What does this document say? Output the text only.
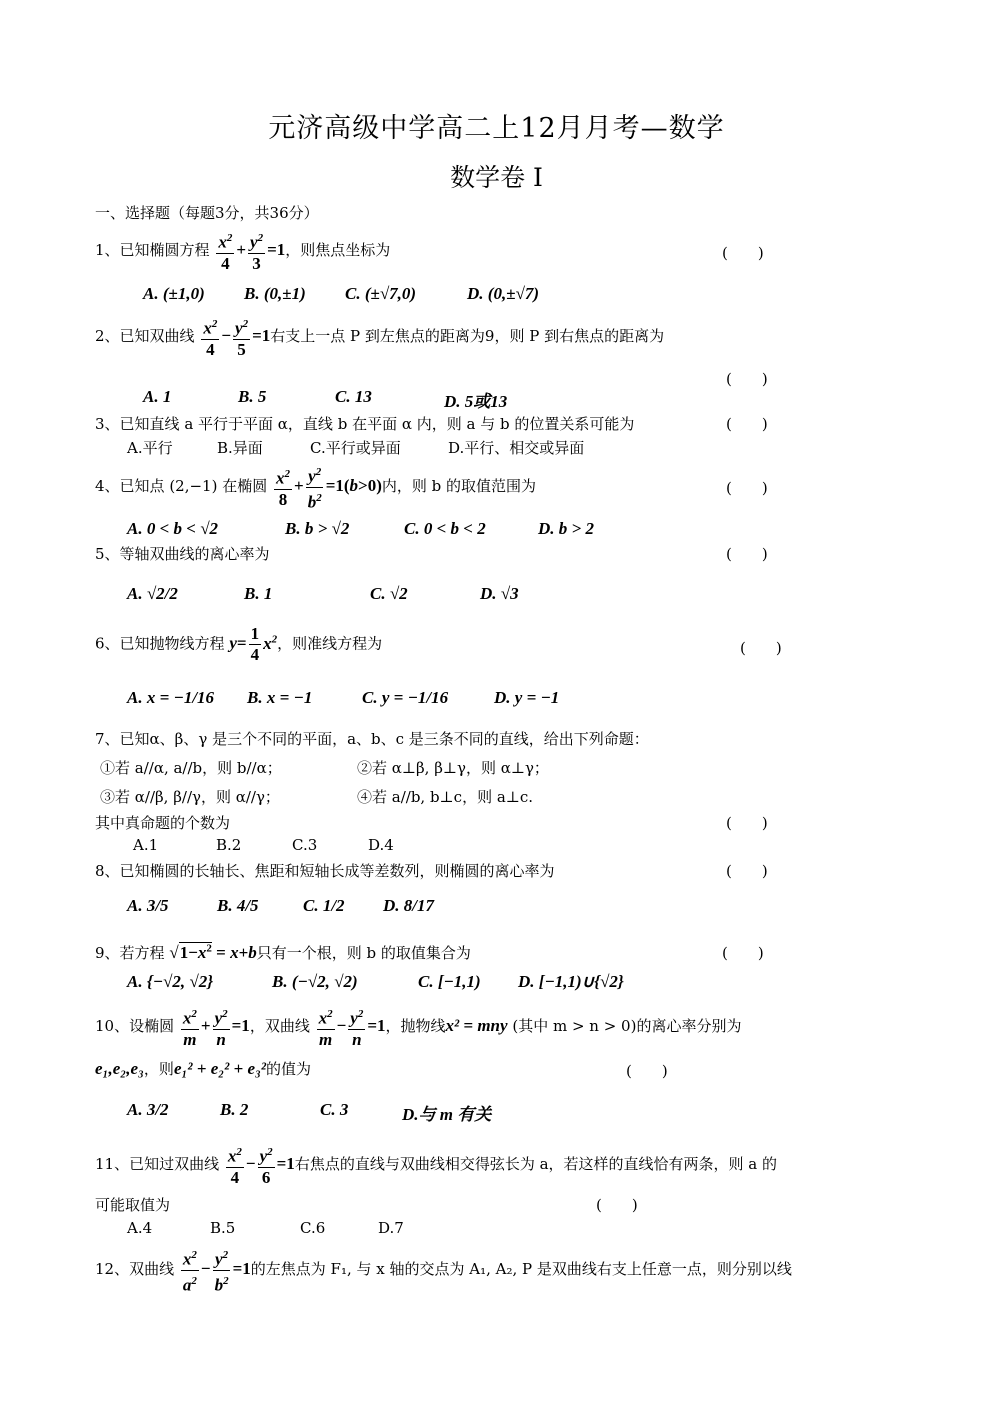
元济高级中学高二上12月月考—数学
数学卷 I
一、选择题（每题3分，共36分）
1、已知椭圆方程 $\frac{x^2}{4} + \frac{y^2}{3} =1$，则焦点坐标为	(　　)
A. (±1,0) B. (0,±1) C. (±√7,0)	D. (0,±√7)
2、已知双曲线 $\frac{x^2}{4} - \frac{y^2}{5} =1$右支上一点 P 到左焦点的距离为9，则 P 到右焦点的距离为
(　　)
A. 1	B. 5	C. 13	D. 5或13
3、已知直线 a 平行于平面 α，直线 b 在平面 α 内，则 a 与 b 的位置关系可能为	(　　)
A.平行	B.异面	C.平行或异面	D.平行、相交或异面
4、已知点 (2,−1) 在椭圆 $\frac{x^2}{8} + \frac{y^2}{b^2} =1(b>0)$内，则 b 的取值范围为	(　　)
A. 0 < b < √2	B. b > √2	C. 0 < b < 2	D. b > 2
5、等轴双曲线的离心率为	(　　)
A. √2/2	B. 1	C. √2	D. √3
6、已知抛物线方程 $y= \frac{1}{4} x^2$，则准线方程为	(　　)
A. x = −1/16 B. x = −1	C. y = −1/16	D. y = −1
7、已知α、β、γ 是三个不同的平面，a、b、c 是三条不同的直线，给出下列命题：
①若 a//α, a//b，则 b//α；	②若 α⊥β, β⊥γ，则 α⊥γ；
③若 α//β, β//γ，则 α//γ；	④若 a//b, b⊥c，则 a⊥c.
其中真命题的个数为	(　　)
A.1	B.2	C.3	D.4
8、已知椭圆的长轴长、焦距和短轴长成等差数列，则椭圆的离心率为	(　　)
A. 3/5	B. 4/5	C. 1/2 D. 8/17
9、若方程 $√1-x^2 = x+b$只有一个根，则 b 的取值集合为	(　　)
A. {−√2, √2}	B. (−√2, √2)	C. [−1,1) D. [−1,1)∪{√2}
10、设椭圆 $\frac{x^2}{m} + \frac{y^2}{n} =1$，双曲线 $\frac{x^2}{m} - \frac{y^2}{n} =1$，抛物线x² = mny (其中 m > n > 0)的离心率分别为
e₁,e₂,e₃，则e₁² + e₂² + e₃²的值为	(　　)
A. 3/2	B. 2	C. 3	D.与 m 有关
11、已知过双曲线 $\frac{x^2}{4} - \frac{y^2}{6} =1$右焦点的直线与双曲线相交得弦长为 a，若这样的直线恰有两条，则 a 的
可能取值为	(　　)
A.4	B.5	C.6	D.7
12、双曲线 $\frac{x^2}{a^2} - \frac{y^2}{b^2} =1$的左焦点为 F₁, 与 x 轴的交点为 A₁, A₂, P 是双曲线右支上任意一点，则分别以线
